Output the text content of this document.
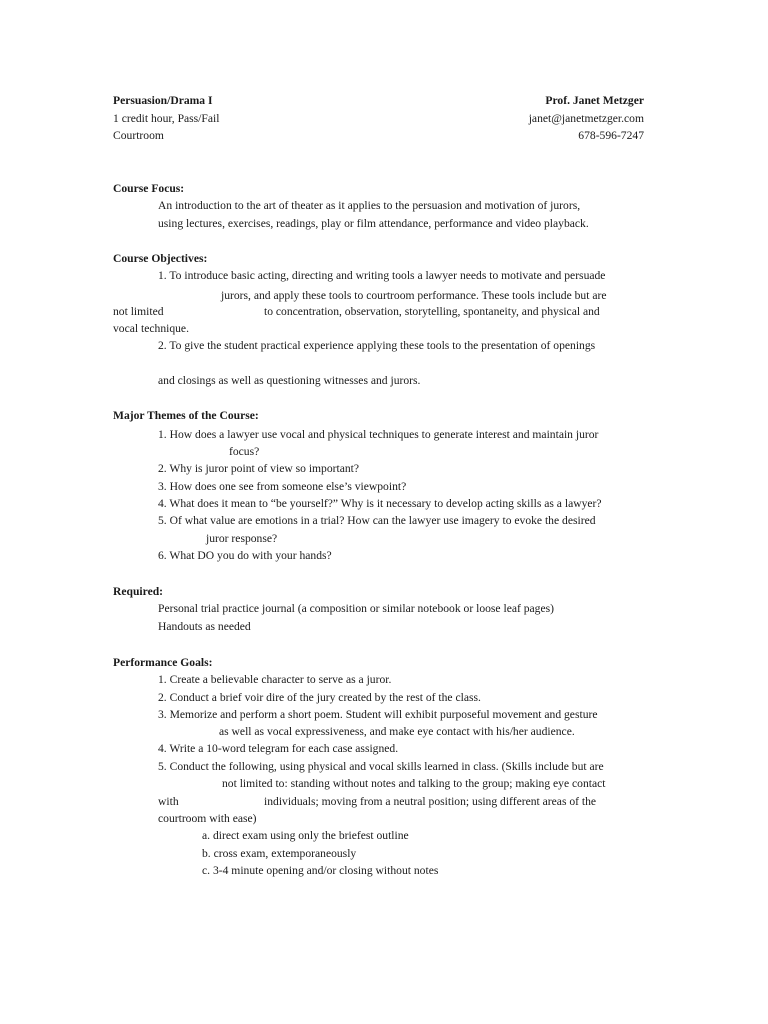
Persuasion/Drama I
1 credit hour, Pass/Fail
Courtroom
Prof. Janet Metzger
janet@janetmetzger.com
678-596-7247
Course Focus:
An introduction to the art of theater as it applies to the persuasion and motivation of jurors,
using lectures, exercises, readings, play or film attendance, performance and video playback.
Course Objectives:
1. To introduce basic acting, directing and writing tools a lawyer needs to motivate and persuade
jurors, and apply these tools to courtroom performance. These tools include but are
not limited	to concentration, observation, storytelling, spontaneity, and physical and
vocal technique.
2. To give the student practical experience applying these tools to the presentation of openings
and closings as well as questioning witnesses and jurors.
Major Themes of the Course:
1. How does a lawyer use vocal and physical techniques to generate interest and maintain juror
focus?
2. Why is juror point of view so important?
3. How does one see from someone else’s viewpoint?
4. What does it mean to “be yourself?” Why is it necessary to develop acting skills as a lawyer?
5. Of what value are emotions in a trial? How can the lawyer use imagery to evoke the desired
juror response?
6. What DO you do with your hands?
Required:
Personal trial practice journal (a composition or similar notebook or loose leaf pages)
Handouts as needed
Performance Goals:
1. Create a believable character to serve as a juror.
2. Conduct a brief voir dire of the jury created by the rest of the class.
3. Memorize and perform a short poem. Student will exhibit purposeful movement and gesture
as well as vocal expressiveness, and make eye contact with his/her audience.
4. Write a 10-word telegram for each case assigned.
5. Conduct the following, using physical and vocal skills learned in class. (Skills include but are
not limited to: standing without notes and talking to the group; making eye contact
with	individuals; moving from a neutral position; using different areas of the
courtroom with ease)
a. direct exam using only the briefest outline
b. cross exam, extemporaneously
c. 3-4 minute opening and/or closing without notes
